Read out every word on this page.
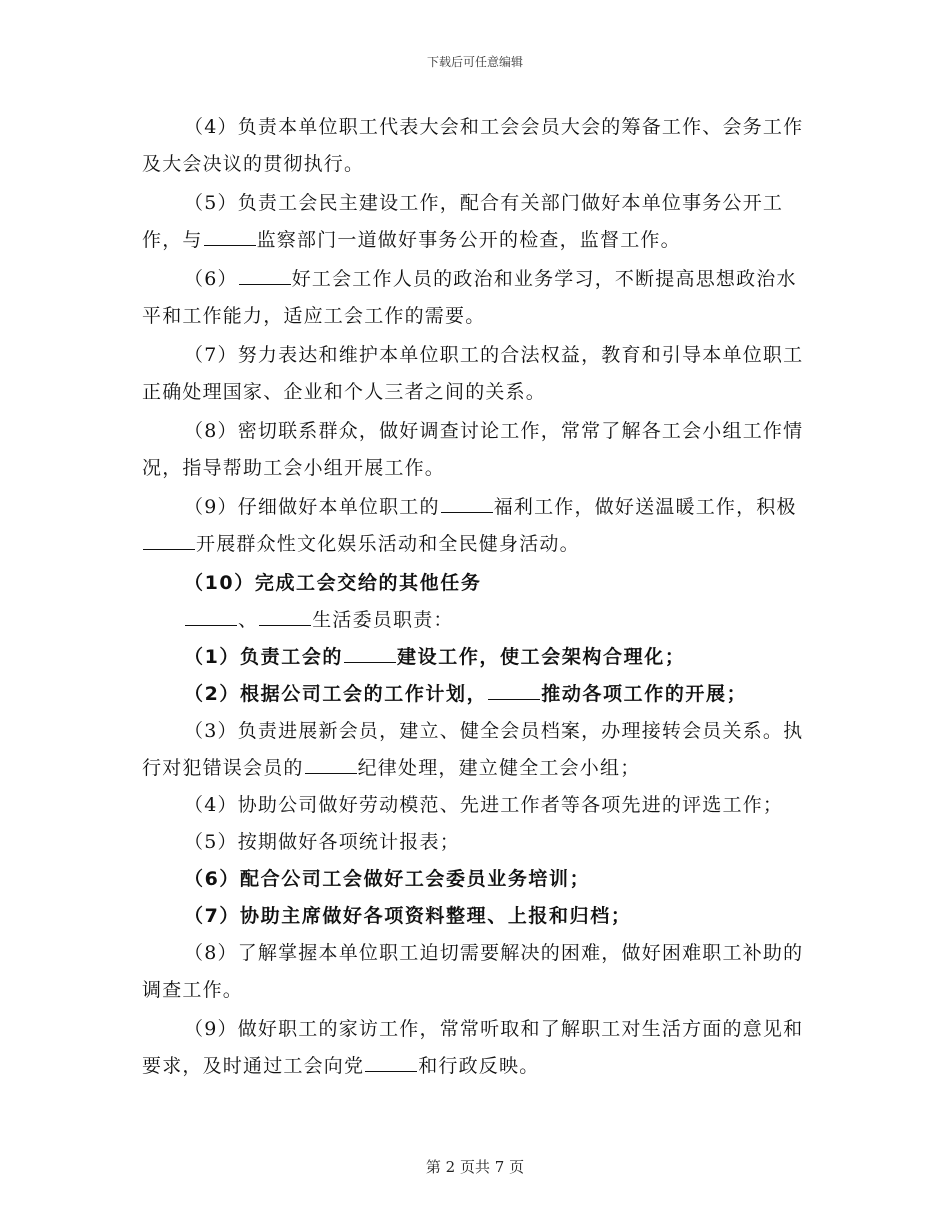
下载后可任意编辑

（4）负责本单位职工代表大会和工会会员大会的筹备工作、会务工作及大会决议的贯彻执行。

（5）负责工会民主建设工作，配合有关部门做好本单位事务公开工作，与	监察部门一道做好事务公开的检查，监督工作。

（6）	好工会工作人员的政治和业务学习，不断提高思想政治水平和工作能力，适应工会工作的需要。

（7）努力表达和维护本单位职工的合法权益，教育和引导本单位职工正确处理国家、企业和个人三者之间的关系。

（8）密切联系群众，做好调查讨论工作，常常了解各工会小组工作情况，指导帮助工会小组开展工作。

（9）仔细做好本单位职工的	福利工作，做好送温暖工作，积极开展群众性文化娱乐活动和全民健身活动。

（10）完成工会交给的其他任务

、	生活委员职责：

（1）负责工会的	建设工作，使工会架构合理化；

（2）根据公司工会的工作计划，	推动各项工作的开展；

（3）负责进展新会员，建立、健全会员档案，办理接转会员关系。执行对犯错误会员的	纪律处理，建立健全工会小组；

（4）协助公司做好劳动模范、先进工作者等各项先进的评选工作；

（5）按期做好各项统计报表；

（6）配合公司工会做好工会委员业务培训；

（7）协助主席做好各项资料整理、上报和归档；

（8）了解掌握本单位职工迫切需要解决的困难，做好困难职工补助的调查工作。

（9）做好职工的家访工作，常常听取和了解职工对生活方面的意见和要求，及时通过工会向党	和行政反映。

第 2 页共 7 页
